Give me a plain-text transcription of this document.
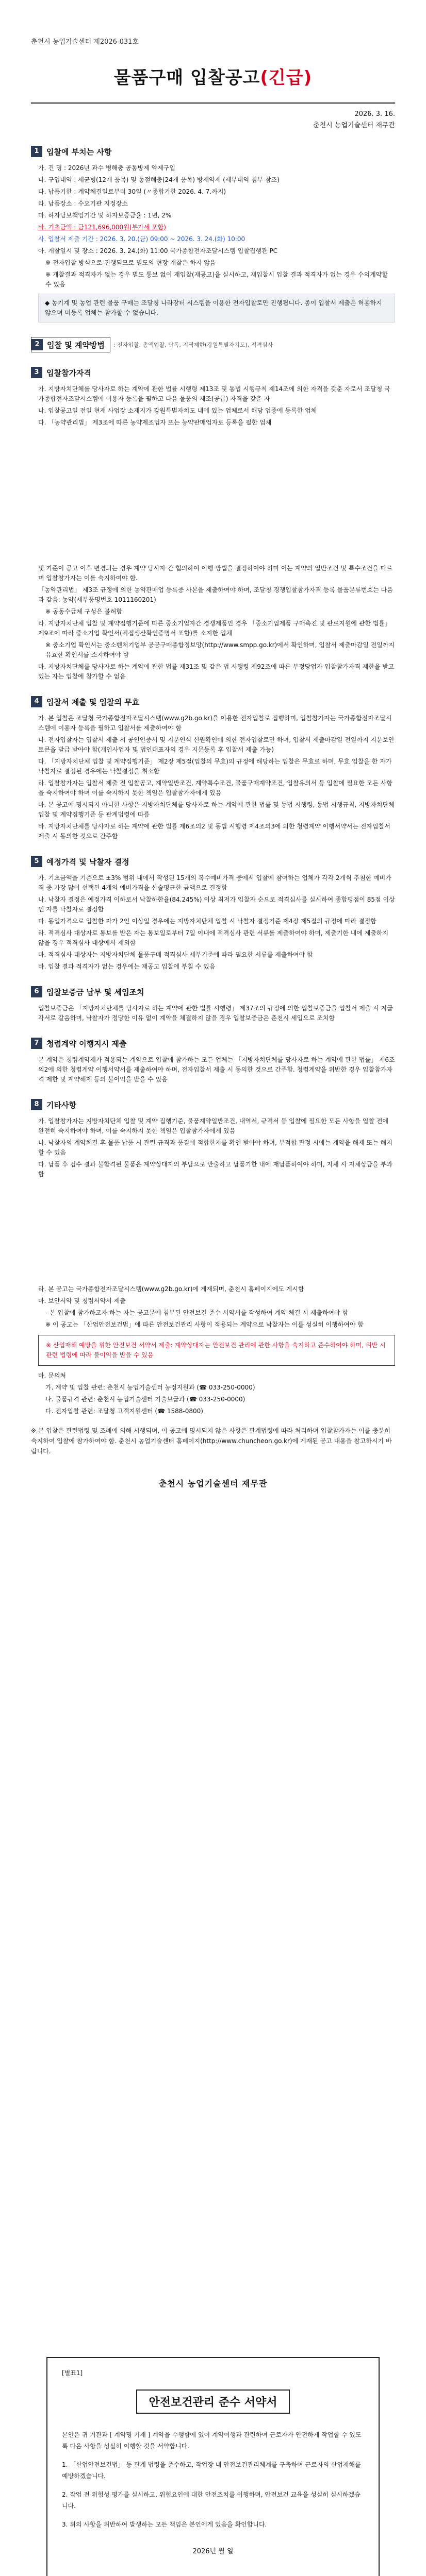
춘천시 농업기술센터 제2026-031호
물품구매 입찰공고(긴급)
2026. 3. 16.
춘천시 농업기술센터 재무관
1 입찰에 부치는 사항
가. 건 명 : 2026년 과수 병해충 공동방제 약제구입
나. 구입내역 : 세균병(12개 품목) 및 동절해충(24개 품목) 방제약제 (세부내역 첨부 참조)
다. 납품기한 : 계약체결일로부터 30일 (〃종합기한 2026. 4. 7.까지)
라. 납품장소 : 수요기관 지정장소
마. 하자담보책임기간 및 하자보증금율 : 1년, 2%
바. 기초금액 : 금121,696,000원(부가세 포함)
사. 입찰서 제출 기간 : 2026. 3. 20.(금) 09:00 ~ 2026. 3. 24.(화) 10:00
아. 개찰일시 및 장소 : 2026. 3. 24.(화) 11:00 국가종합전자조달시스템 입찰집행관 PC
※ 전자입찰 방식으로 진행되므로 별도의 현장 개찰은 하지 않음
※ 개찰결과 적격자가 없는 경우 별도 통보 없이 재입찰(재공고)을 실시하고, 재입찰시 입찰 결과 적격자가 없는 경우 수의계약할 수 있음
◆ 농기계 및 농업 관련 물품 구매는 조달청 나라장터 시스템을 이용한 전자입찰로만 진행됩니다. 종이 입찰서 제출은 허용하지 않으며 미등록 업체는 참가할 수 없습니다.
2 입찰 및 계약방법 : 전자입찰, 총액입찰, 단독, 지역제한(강원특별자치도), 적격심사
3 입찰참가자격
가. 지방자치단체를 당사자로 하는 계약에 관한 법률 시행령 제13조 및 동법 시행규칙 제14조에 의한 자격을 갖춘 자로서 조달청 국가종합전자조달시스템에 이용자 등록을 필하고 다음 물품의 제조(공급) 자격을 갖춘 자
나. 입찰공고일 전일 현재 사업장 소재지가 강원특별자치도 내에 있는 업체로서 해당 업종에 등록한 업체
다. 「농약관리법」 제3조에 따른 농약제조업자 또는 농약판매업자로 등록을 필한 업체
및 기준이 공고 이후 변경되는 경우 계약 당사자 간 협의하여 이행 방법을 결정하여야 하며 이는 계약의 일반조건 및 특수조건을 따르며 입찰참가자는 이를 숙지하여야 함.
「농약관리법」 제3조 규정에 의한 농약판매업 등록증 사본을 제출하여야 하며, 조달청 경쟁입찰참가자격 등록 물품분류번호는 다음과 같음: 농약(세부품명번호 1011160201)
※ 공동수급체 구성은 불허함
라. 지방자치단체 입찰 및 계약집행기준에 따른 중소기업자간 경쟁제품인 경우 「중소기업제품 구매촉진 및 판로지원에 관한 법률」 제9조에 따라 중소기업 확인서(직접생산확인증명서 포함)를 소지한 업체
※ 중소기업 확인서는 중소벤처기업부 공공구매종합정보망(http://www.smpp.go.kr)에서 확인하며, 입찰서 제출마감일 전일까지 유효한 확인서를 소지하여야 함
마. 지방자치단체를 당사자로 하는 계약에 관한 법률 제31조 및 같은 법 시행령 제92조에 따른 부정당업자 입찰참가자격 제한을 받고 있는 자는 입찰에 참가할 수 없음
4 입찰서 제출 및 입찰의 무효
가. 본 입찰은 조달청 국가종합전자조달시스템(www.g2b.go.kr)을 이용한 전자입찰로 집행하며, 입찰참가자는 국가종합전자조달시스템에 이용자 등록을 필하고 입찰서를 제출하여야 함
나. 전자입찰자는 입찰서 제출 시 공인인증서 및 지문인식 신원확인에 의한 전자입찰로만 하며, 입찰서 제출마감일 전일까지 지문보안토큰을 발급 받아야 함(개인사업자 및 법인대표자의 경우 지문등록 후 입찰서 제출 가능)
다. 「지방자치단체 입찰 및 계약집행기준」 제2장 제5절(입찰의 무효)의 규정에 해당하는 입찰은 무효로 하며, 무효 입찰을 한 자가 낙찰자로 결정된 경우에는 낙찰결정을 취소함
라. 입찰참가자는 입찰서 제출 전 입찰공고, 계약일반조건, 계약특수조건, 물품구매계약조건, 입찰유의서 등 입찰에 필요한 모든 사항을 숙지하여야 하며 이를 숙지하지 못한 책임은 입찰참가자에게 있음
마. 본 공고에 명시되지 아니한 사항은 지방자치단체를 당사자로 하는 계약에 관한 법률 및 동법 시행령, 동법 시행규칙, 지방자치단체 입찰 및 계약집행기준 등 관계법령에 따름
바. 지방자치단체를 당사자로 하는 계약에 관한 법률 제6조의2 및 동법 시행령 제4조의3에 의한 청렴계약 이행서약서는 전자입찰서 제출 시 동의한 것으로 간주함
5 예정가격 및 낙찰자 결정
가. 기초금액을 기준으로 ±3% 범위 내에서 작성된 15개의 복수예비가격 중에서 입찰에 참여하는 업체가 각각 2개씩 추첨한 예비가격 중 가장 많이 선택된 4개의 예비가격을 산술평균한 금액으로 결정함
나. 낙찰자 결정은 예정가격 이하로서 낙찰하한율(84.245%) 이상 최저가 입찰자 순으로 적격심사를 실시하여 종합평점이 85점 이상인 자를 낙찰자로 결정함
다. 동일가격으로 입찰한 자가 2인 이상일 경우에는 지방자치단체 입찰 시 낙찰자 결정기준 제4장 제5절의 규정에 따라 결정함
라. 적격심사 대상자로 통보를 받은 자는 통보일로부터 7일 이내에 적격심사 관련 서류를 제출하여야 하며, 제출기한 내에 제출하지 않을 경우 적격심사 대상에서 제외함
마. 적격심사 대상자는 지방자치단체 물품구매 적격심사 세부기준에 따라 필요한 서류를 제출하여야 함
바. 입찰 결과 적격자가 없는 경우에는 재공고 입찰에 부칠 수 있음
6 입찰보증금 납부 및 세입조치
입찰보증금은 「지방자치단체를 당사자로 하는 계약에 관한 법률 시행령」 제37조의 규정에 의한 입찰보증금을 입찰서 제출 시 지급각서로 갈음하며, 낙찰자가 정당한 이유 없이 계약을 체결하지 않을 경우 입찰보증금은 춘천시 세입으로 조치함
7 청렴계약 이행지시 제출
본 계약은 청렴계약제가 적용되는 계약으로 입찰에 참가하는 모든 업체는 「지방자치단체를 당사자로 하는 계약에 관한 법률」 제6조의2에 의한 청렴계약 이행서약서를 제출하여야 하며, 전자입찰서 제출 시 동의한 것으로 간주함. 청렴계약을 위반한 경우 입찰참가자격 제한 및 계약해제 등의 불이익을 받을 수 있음
8 기타사항
가. 입찰참가자는 지방자치단체 입찰 및 계약 집행기준, 물품계약일반조건, 내역서, 규격서 등 입찰에 필요한 모든 사항을 입찰 전에 완전히 숙지하여야 하며, 이를 숙지하지 못한 책임은 입찰참가자에게 있음
나. 낙찰자의 계약체결 후 물품 납품 시 관련 규격과 품질에 적합한지를 확인 받아야 하며, 부적합 판정 시에는 계약을 해제 또는 해지할 수 있음
다. 납품 후 검수 결과 불합격된 물품은 계약상대자의 부담으로 반출하고 납품기한 내에 재납품하여야 하며, 지체 시 지체상금을 부과함
라. 본 공고는 국가종합전자조달시스템(www.g2b.go.kr)에 게재되며, 춘천시 홈페이지에도 게시함
마. 보안서약 및 청렴서약서 제출
- 본 입찰에 참가하고자 하는 자는 공고문에 첨부된 안전보건 준수 서약서를 작성하여 계약 체결 시 제출하여야 함
※ 이 공고는 「산업안전보건법」에 따른 안전보건관리 사항이 적용되는 계약으로 낙찰자는 이를 성실히 이행하여야 함
※ 산업재해 예방을 위한 안전보건 서약서 제출: 계약상대자는 안전보건 관리에 관한 사항을 숙지하고 준수하여야 하며, 위반 시 관련 법령에 따라 불이익을 받을 수 있음
바. 문의처
가. 계약 및 입찰 관련: 춘천시 농업기술센터 농정지원과 (☎ 033-250-0000)
나. 물품규격 관련: 춘천시 농업기술센터 기술보급과 (☎ 033-250-0000)
다. 전자입찰 관련: 조달청 고객지원센터 (☎ 1588-0800)
※ 본 입찰은 관련법령 및 조례에 의해 시행되며, 이 공고에 명시되지 않은 사항은 관계법령에 따라 처리하며 입찰참가자는 이를 충분히 숙지하여 입찰에 참가하여야 함. 춘천시 농업기술센터 홈페이지(http://www.chuncheon.go.kr)에 게재된 공고 내용을 참고하시기 바랍니다.
춘천시 농업기술센터 재무관
[별표1]
안전보건관리 준수 서약서

본인은 귀 기관과 [ 계약명 기재 ] 계약을 수행함에 있어 계약이행과 관련하여 근로자가 안전하게 작업할 수 있도록 다음 사항을 성실히 이행할 것을 서약합니다.

1. 「산업안전보건법」 등 관계 법령을 준수하고, 작업장 내 안전보건관리체계를 구축하여 근로자의 산업재해를 예방하겠습니다.

2. 작업 전 위험성 평가를 실시하고, 위험요인에 대한 안전조치를 이행하며, 안전보건 교육을 성실히 실시하겠습니다.

3. 위의 사항을 위반하여 발생하는 모든 책임은 본인에게 있음을 확인합니다.

2026년 월 일
